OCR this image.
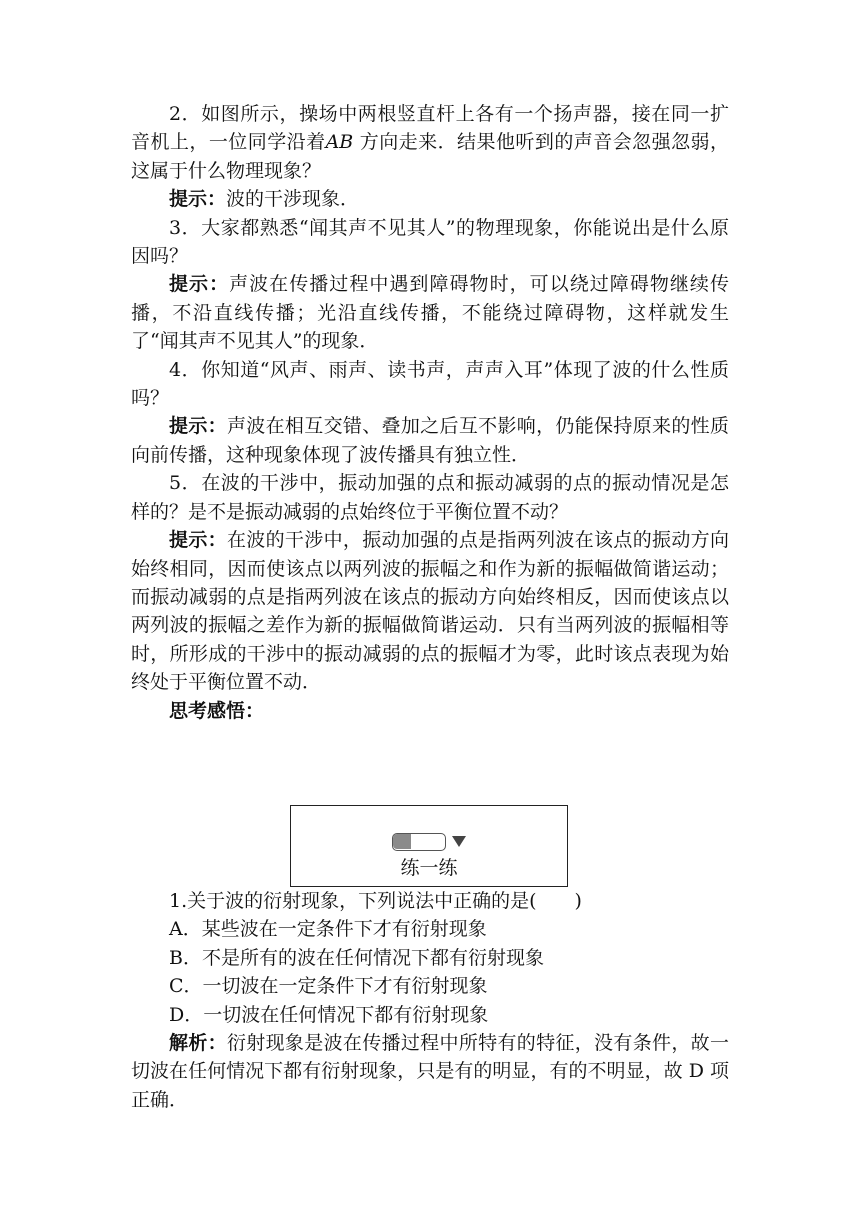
2．如图所示，操场中两根竖直杆上各有一个扬声器，接在同一扩音机上，一位同学沿着AB 方向走来．结果他听到的声音会忽强忽弱，这属于什么物理现象？

提示：波的干涉现象．

3．大家都熟悉“闻其声不见其人”的物理现象，你能说出是什么原因吗？

提示：声波在传播过程中遇到障碍物时，可以绕过障碍物继续传播，不沿直线传播；光沿直线传播，不能绕过障碍物，这样就发生了“闻其声不见其人”的现象．

4．你知道“风声、雨声、读书声，声声入耳”体现了波的什么性质吗？

提示：声波在相互交错、叠加之后互不影响，仍能保持原来的性质向前传播，这种现象体现了波传播具有独立性．

5．在波的干涉中，振动加强的点和振动减弱的点的振动情况是怎样的？是不是振动减弱的点始终位于平衡位置不动？

提示：在波的干涉中，振动加强的点是指两列波在该点的振动方向始终相同，因而使该点以两列波的振幅之和作为新的振幅做简谐运动；而振动减弱的点是指两列波在该点的振动方向始终相反，因而使该点以两列波的振幅之差作为新的振幅做简谐运动．只有当两列波的振幅相等时，所形成的干涉中的振动减弱的点的振幅才为零，此时该点表现为始终处于平衡位置不动．

思考感悟：

练一练

1.关于波的衍射现象，下列说法中正确的是(　　)

A．某些波在一定条件下才有衍射现象

B．不是所有的波在任何情况下都有衍射现象

C．一切波在一定条件下才有衍射现象

D．一切波在任何情况下都有衍射现象

解析：衍射现象是波在传播过程中所特有的特征，没有条件，故一切波在任何情况下都有衍射现象，只是有的明显，有的不明显，故 D 项正确．
